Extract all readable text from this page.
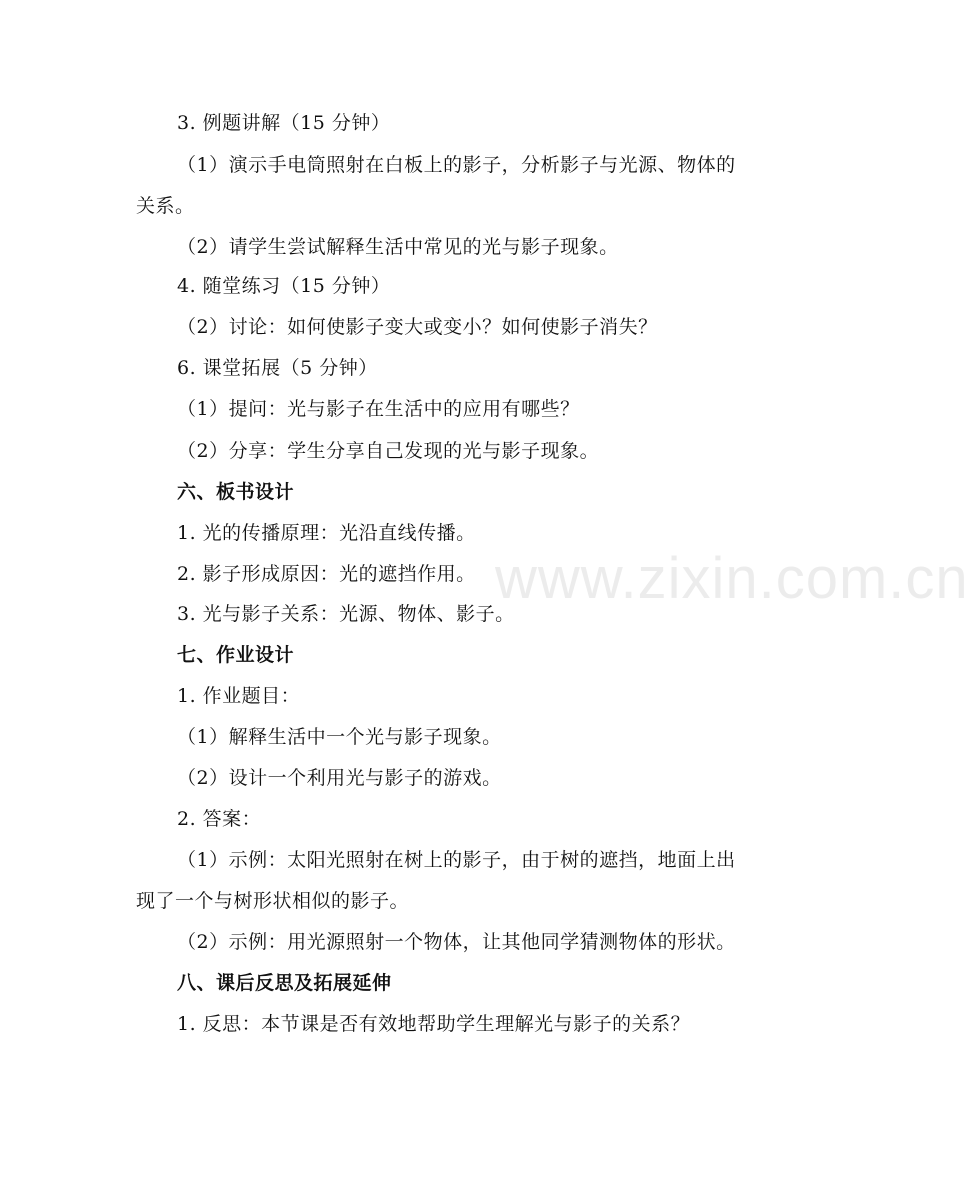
3. 例题讲解（15 分钟）
（1）演示手电筒照射在白板上的影子，分析影子与光源、物体的
关系。
（2）请学生尝试解释生活中常见的光与影子现象。
4. 随堂练习（15 分钟）
（2）讨论：如何使影子变大或变小？如何使影子消失？
6. 课堂拓展（5 分钟）
（1）提问：光与影子在生活中的应用有哪些？
（2）分享：学生分享自己发现的光与影子现象。
六、板书设计
1. 光的传播原理：光沿直线传播。
2. 影子形成原因：光的遮挡作用。
3. 光与影子关系：光源、物体、影子。
七、作业设计
1. 作业题目：
（1）解释生活中一个光与影子现象。
（2）设计一个利用光与影子的游戏。
2. 答案：
（1）示例：太阳光照射在树上的影子，由于树的遮挡，地面上出
现了一个与树形状相似的影子。
（2）示例：用光源照射一个物体，让其他同学猜测物体的形状。
八、课后反思及拓展延伸
1. 反思：本节课是否有效地帮助学生理解光与影子的关系？
www.zixin.com.cn
